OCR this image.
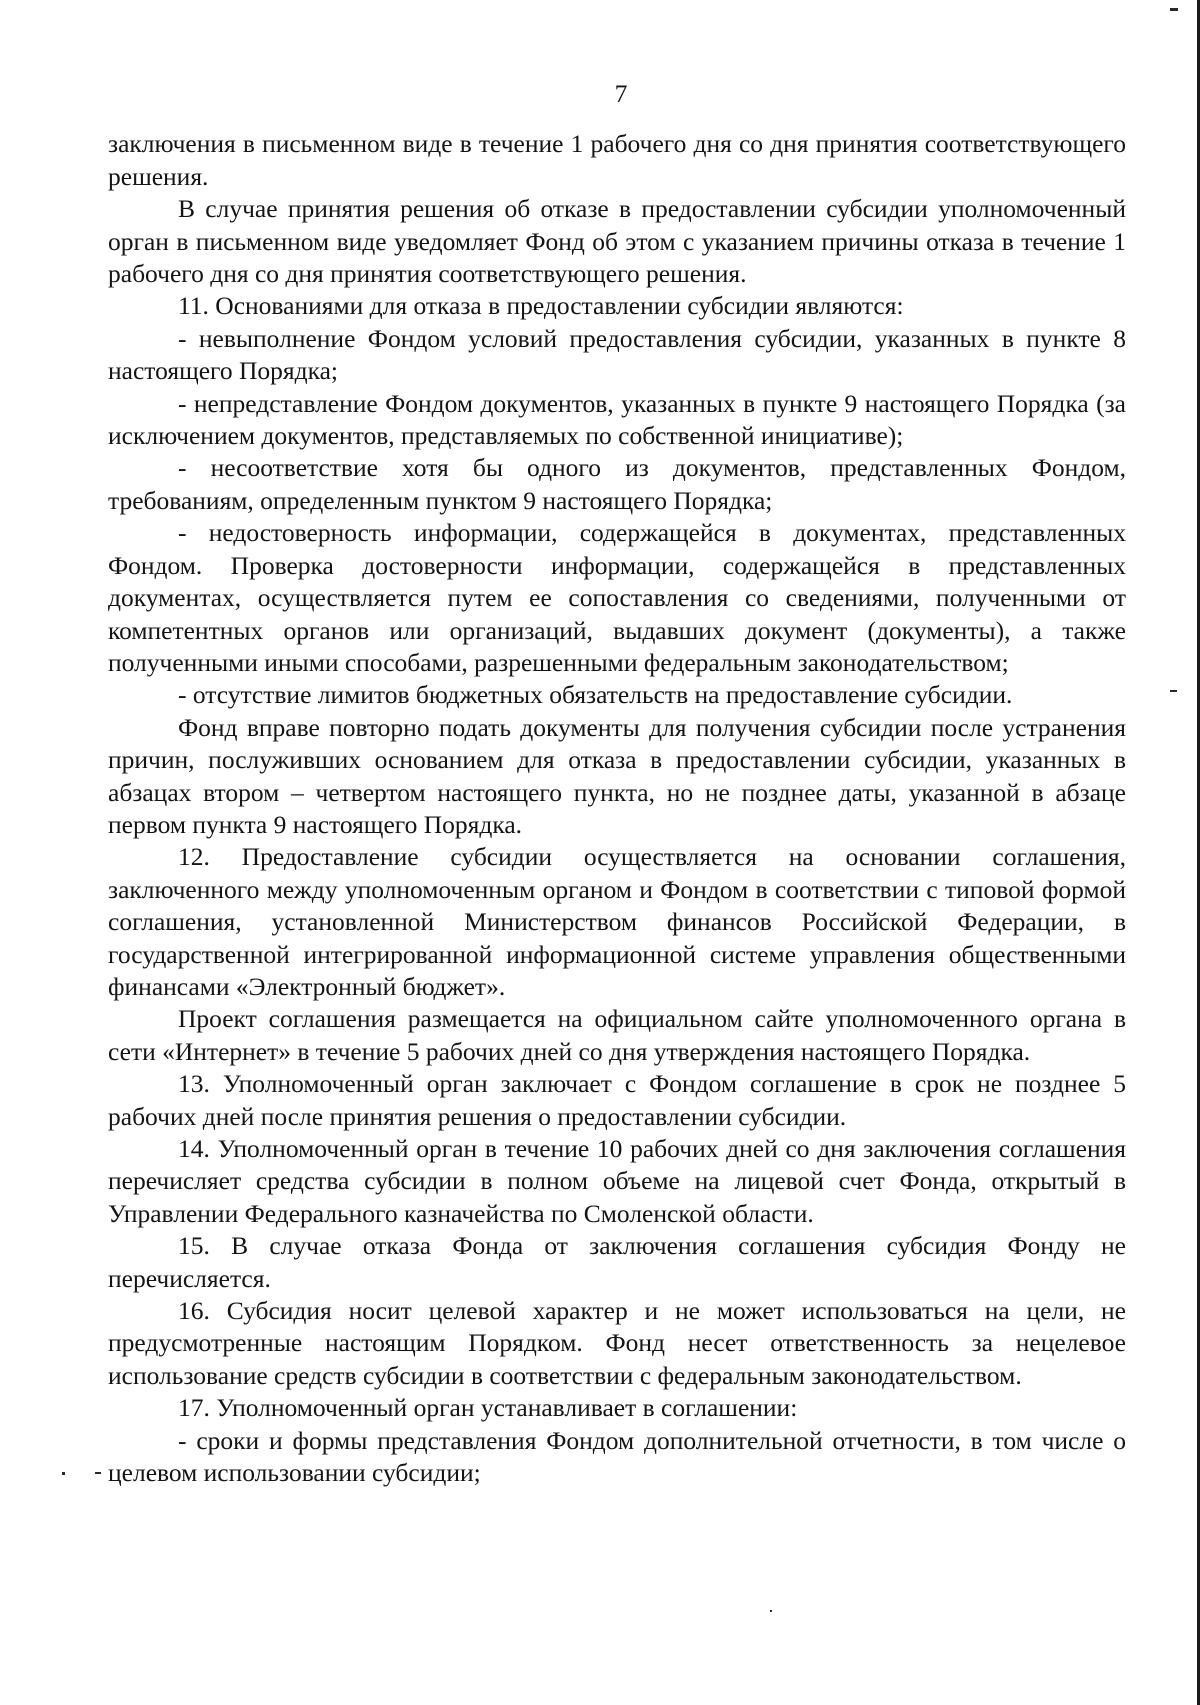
7

заключения в письменном виде в течение 1 рабочего дня со дня принятия соответствующего решения.

В случае принятия решения об отказе в предоставлении субсидии уполномоченный орган в письменном виде уведомляет Фонд об этом с указанием причины отказа в течение 1 рабочего дня со дня принятия соответствующего решения.

11. Основаниями для отказа в предоставлении субсидии являются:

- невыполнение Фондом условий предоставления субсидии, указанных в пункте 8 настоящего Порядка;

- непредставление Фондом документов, указанных в пункте 9 настоящего Порядка (за исключением документов, представляемых по собственной инициативе);

- несоответствие хотя бы одного из документов, представленных Фондом, требованиям, определенным пунктом 9 настоящего Порядка;

- недостоверность информации, содержащейся в документах, представленных Фондом. Проверка достоверности информации, содержащейся в представленных документах, осуществляется путем ее сопоставления со сведениями, полученными от компетентных органов или организаций, выдавших документ (документы), а также полученными иными способами, разрешенными федеральным законодательством;

- отсутствие лимитов бюджетных обязательств на предоставление субсидии.

Фонд вправе повторно подать документы для получения субсидии после устранения причин, послуживших основанием для отказа в предоставлении субсидии, указанных в абзацах втором – четвертом настоящего пункта, но не позднее даты, указанной в абзаце первом пункта 9 настоящего Порядка.

12. Предоставление субсидии осуществляется на основании соглашения, заключенного между уполномоченным органом и Фондом в соответствии с типовой формой соглашения, установленной Министерством финансов Российской Федерации, в государственной интегрированной информационной системе управления общественными финансами «Электронный бюджет».

Проект соглашения размещается на официальном сайте уполномоченного органа в сети «Интернет» в течение 5 рабочих дней со дня утверждения настоящего Порядка.

13. Уполномоченный орган заключает с Фондом соглашение в срок не позднее 5 рабочих дней после принятия решения о предоставлении субсидии.

14. Уполномоченный орган в течение 10 рабочих дней со дня заключения соглашения перечисляет средства субсидии в полном объеме на лицевой счет Фонда, открытый в Управлении Федерального казначейства по Смоленской области.

15. В случае отказа Фонда от заключения соглашения субсидия Фонду не перечисляется.

16. Субсидия носит целевой характер и не может использоваться на цели, не предусмотренные настоящим Порядком. Фонд несет ответственность за нецелевое использование средств субсидии в соответствии с федеральным законодательством.

17. Уполномоченный орган устанавливает в соглашении:

- сроки и формы представления Фондом дополнительной отчетности, в том числе о целевом использовании субсидии;
